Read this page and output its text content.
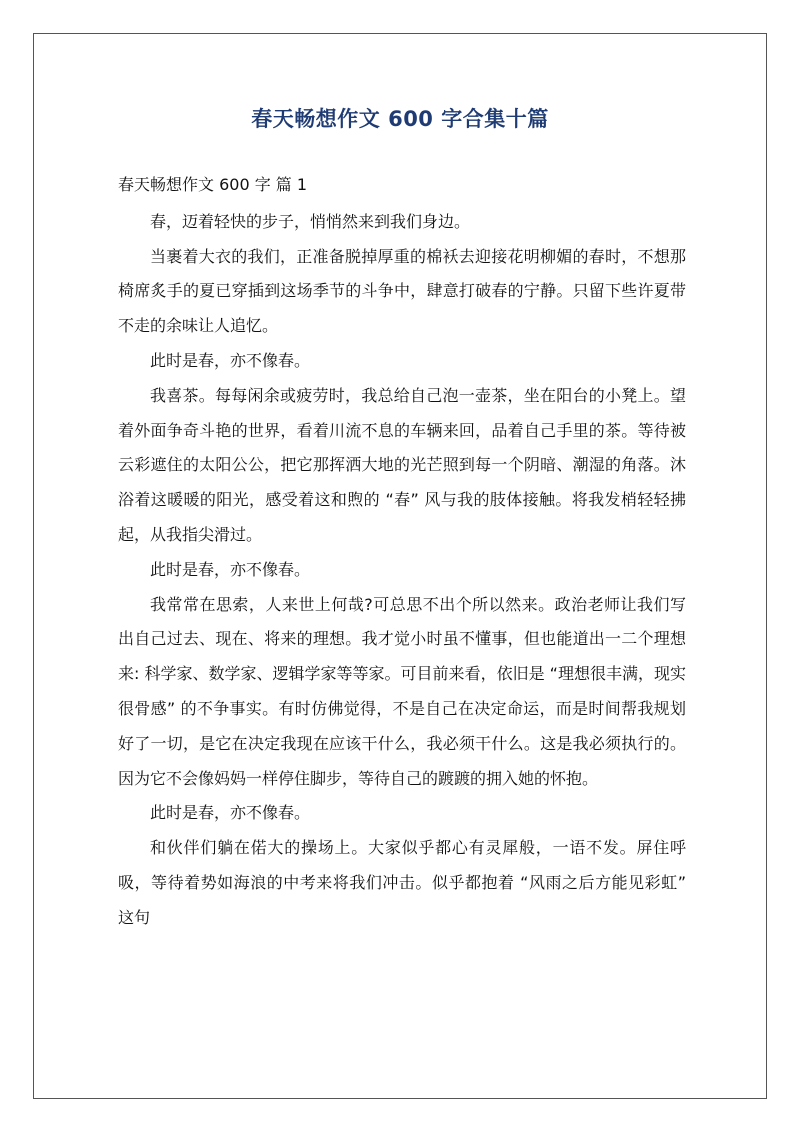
春天畅想作文 600 字合集十篇

春天畅想作文 600 字 篇 1

春，迈着轻快的步子，悄悄然来到我们身边。

当裹着大衣的我们，正准备脱掉厚重的棉袄去迎接花明柳媚的春时，不想那椅席炙手的夏已穿插到这场季节的斗争中，肆意打破春的宁静。只留下些许夏带不走的余味让人追忆。

此时是春，亦不像春。

我喜茶。每每闲余或疲劳时，我总给自己泡一壶茶，坐在阳台的小凳上。望着外面争奇斗艳的世界，看着川流不息的车辆来回，品着自己手里的茶。等待被云彩遮住的太阳公公，把它那挥洒大地的光芒照到每一个阴暗、潮湿的角落。沐浴着这暖暖的阳光，感受着这和煦的 “春” 风与我的肢体接触。将我发梢轻轻拂起，从我指尖滑过。

此时是春，亦不像春。

我常常在思索，人来世上何哉?可总思不出个所以然来。政治老师让我们写出自己过去、现在、将来的理想。我才觉小时虽不懂事，但也能道出一二个理想来: 科学家、数学家、逻辑学家等等家。可目前来看，依旧是 “理想很丰满，现实很骨感” 的不争事实。有时仿佛觉得，不是自己在决定命运，而是时间帮我规划好了一切，是它在决定我现在应该干什么，我必须干什么。这是我必须执行的。因为它不会像妈妈一样停住脚步，等待自己的踱踱的拥入她的怀抱。

此时是春，亦不像春。

和伙伴们躺在偌大的操场上。大家似乎都心有灵犀般，一语不发。屏住呼吸，等待着势如海浪的中考来将我们冲击。似乎都抱着 “风雨之后方能见彩虹” 这句
